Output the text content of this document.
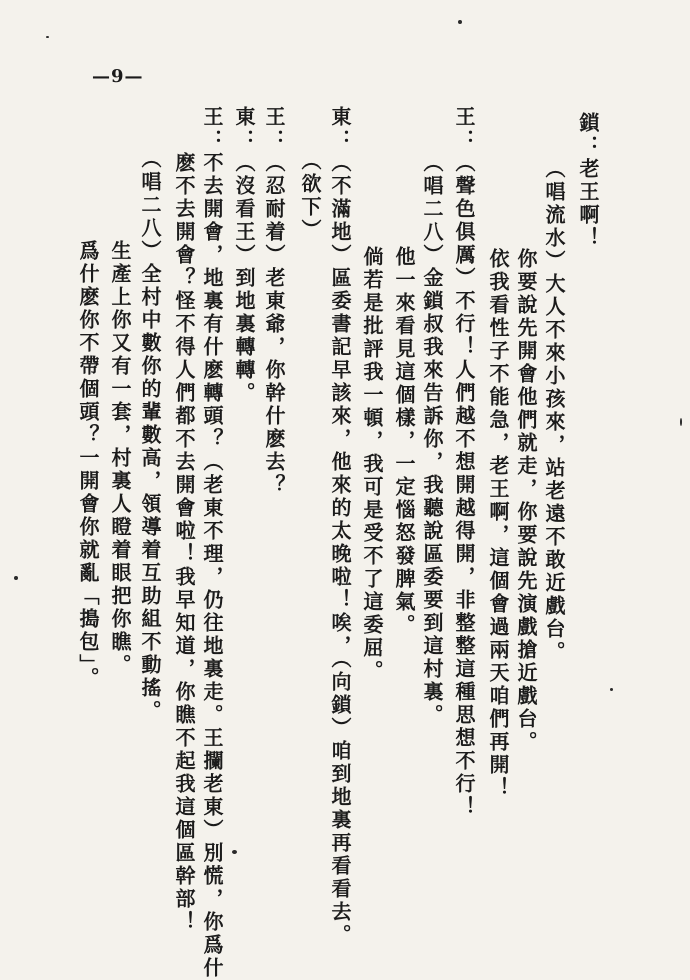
—9—
鎖：老王啊！
（唱流水）大人不來小孩來，站老遠不敢近戲台。
你要說先開會他們就走，你要說先演戲搶近戲台。
依我看性子不能急，老王啊，這個會過兩天咱們再開！
王：（聲色俱厲）不行！人們越不想開越得開，非整整這種思想不行！
（唱二八）金鎖叔我來告訴你，我聽說區委要到這村裏。
他一來看見這個樣，一定惱怒發脾氣。
倘若是批評我一頓，我可是受不了這委屈。
東：（不滿地）區委書記早該來，他來的太晚啦！唉，（向鎖）咱到地裏再看看去。
（欲下）
王：（忍耐着）老東爺，你幹什麽去？
東：（沒看王）到地裏轉轉。
王：不去開會，地裏有什麽轉頭？（老東不理，仍往地裏走。王攔老東）別慌，你爲什
麽不去開會？怪不得人們都不去開會啦！我早知道，你瞧不起我這個區幹部！
（唱二八）全村中數你的輩數高，領導着互助組不動搖。
生產上你又有一套，村裏人瞪着眼把你瞧。
爲什麽你不帶個頭？一開會你就亂「搗包」。
